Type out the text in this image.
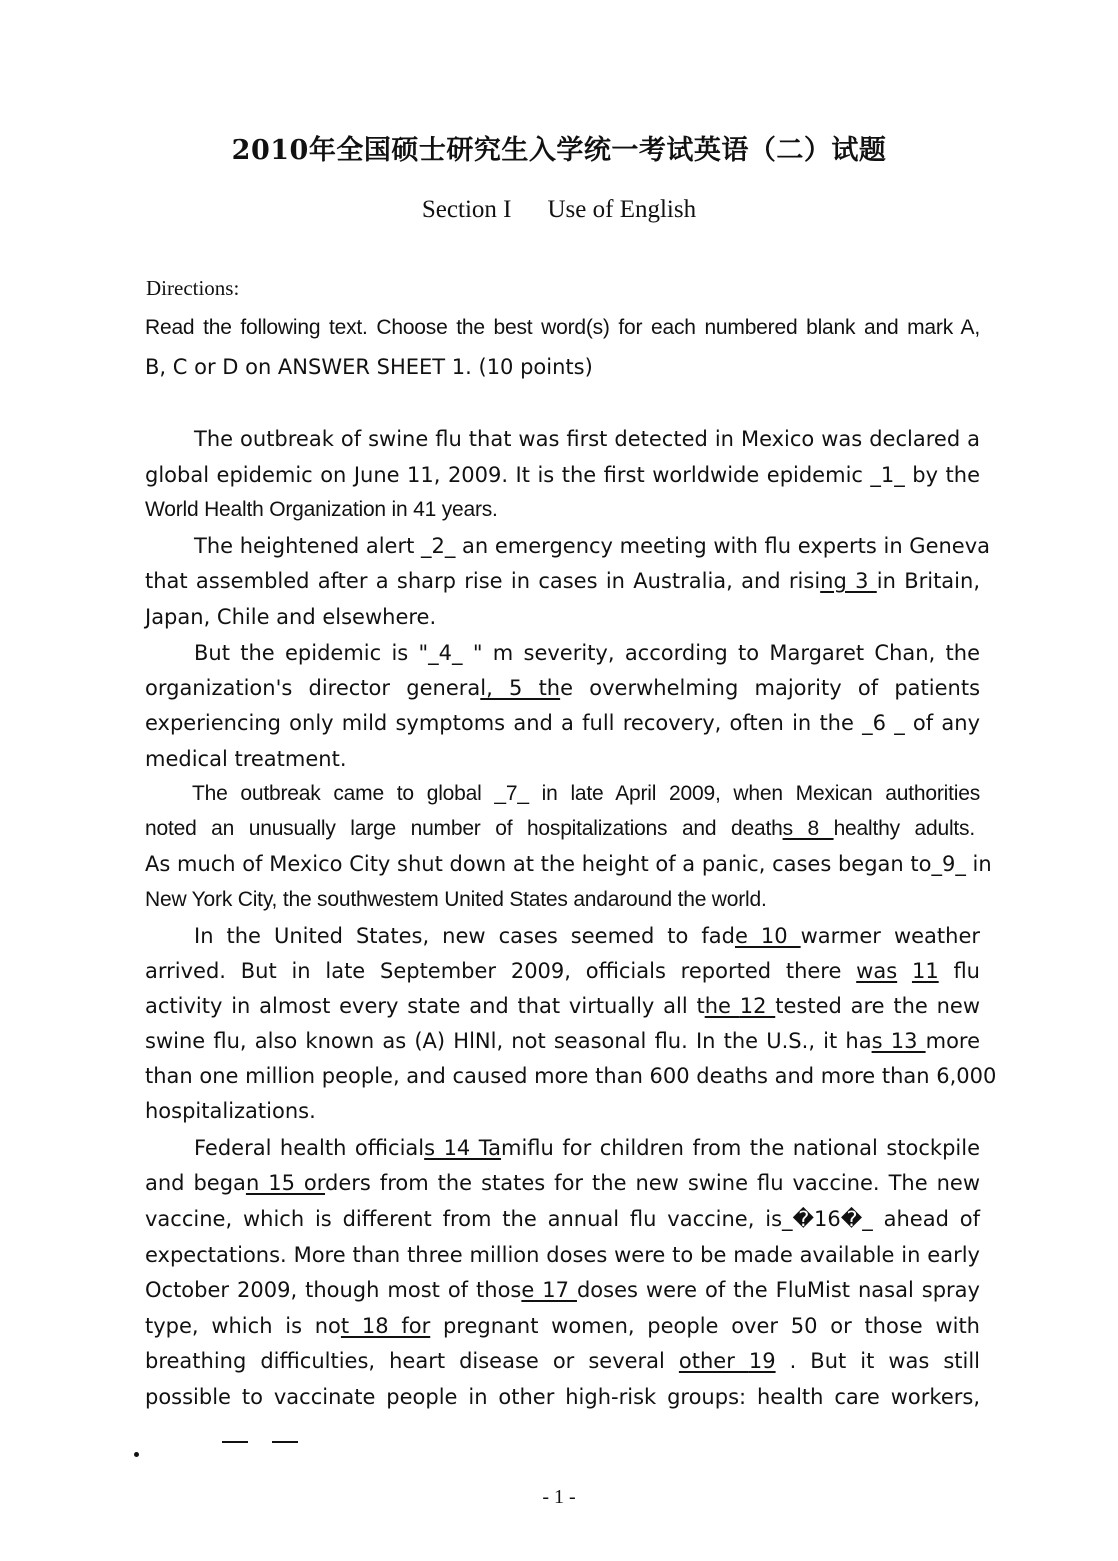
2010年全国硕士研究生入学统一考试英语（二）试题
Section I Use of English
Directions:
Read the following text. Choose the best word(s) for each numbered blank and mark A,
B, C or D on ANSWER SHEET 1. (10 points)
The outbreak of swine flu that was first detected in Mexico was declared a
global epidemic on June 11, 2009. It is the first worldwide epidemic _1_ by the
World Health Organization in 41 years.
The heightened alert _2_ an emergency meeting with flu experts in Geneva
that assembled after a sharp rise in cases in Australia, and rising 3 in Britain,
Japan, Chile and elsewhere.
But the epidemic is "_4_ " m severity, according to Margaret Chan, the
organization's director general, 5 the overwhelming majority of patients
experiencing only mild symptoms and a full recovery, often in the _6 _ of any
medical treatment.
The outbreak came to global _7_ in late April 2009, when Mexican authorities
noted an unusually large number of hospitalizations and deaths 8 healthy adults.
As much of Mexico City shut down at the height of a panic, cases began to_9_ in
New York City, the southwestem United States andaround the world.
In the United States, new cases seemed to fade 10 warmer weather
arrived. But in late September 2009, officials reported there was 11 flu
activity in almost every state and that virtually all the 12 tested are the new
swine flu, also known as (A) HlNl, not seasonal flu. In the U.S., it has 13 more
than one million people, and caused more than 600 deaths and more than 6,000
hospitalizations.
Federal health officials 14 Tamiflu for children from the national stockpile
and began 15 orders from the states for the new swine flu vaccine. The new
vaccine, which is different from the annual flu vaccine, is_�16�_ ahead of
expectations. More than three million doses were to be made available in early
October 2009, though most of those 17 doses were of the FluMist nasal spray
type, which is not 18 for pregnant women, people over 50 or those with
breathing difficulties, heart disease or several other 19 . But it was still
possible to vaccinate people in other high-risk groups: health care workers,
- 1 -
